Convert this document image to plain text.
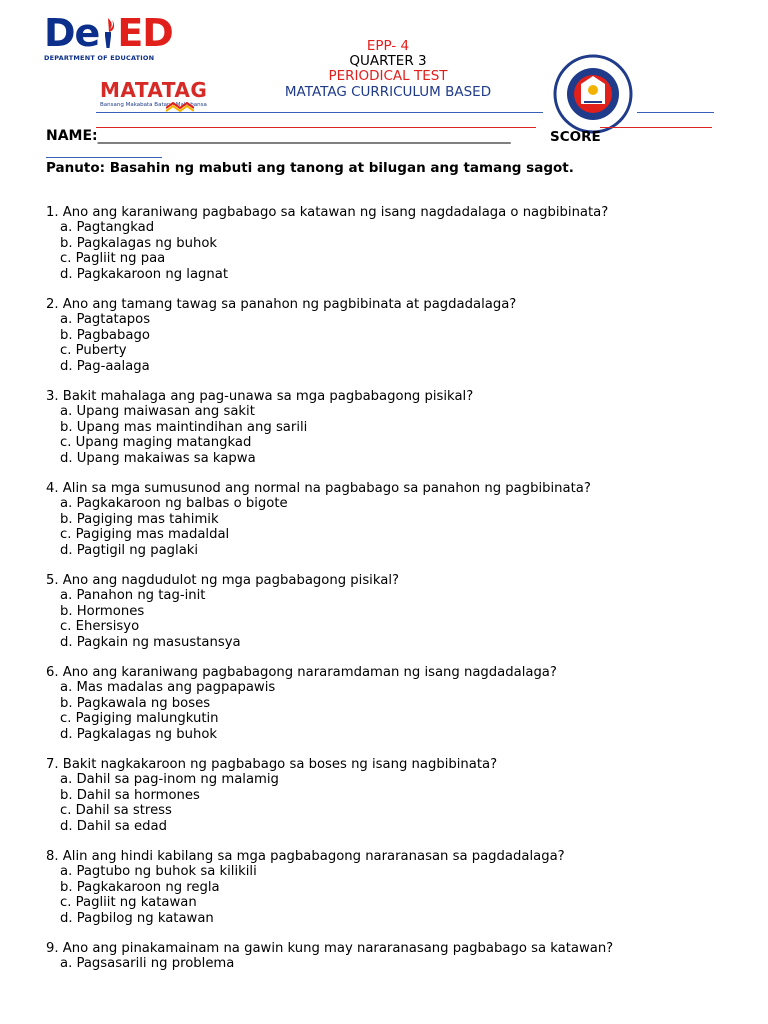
De ED
DEPARTMENT OF EDUCATION
MATATAG
Bansang Makabata Batang Makabansa
EPP- 4
QUARTER 3
PERIODICAL TEST
MATATAG CURRICULUM BASED
NAME:___________________________________________________________	SCORE
Panuto: Basahin ng mabuti ang tanong at bilugan ang tamang sagot.
1. Ano ang karaniwang pagbabago sa katawan ng isang nagdadalaga o nagbibinata?
a. Pagtangkad
b. Pagkalagas ng buhok
c. Pagliit ng paa
d. Pagkakaroon ng lagnat
2. Ano ang tamang tawag sa panahon ng pagbibinata at pagdadalaga?
a. Pagtatapos
b. Pagbabago
c. Puberty
d. Pag-aalaga
3. Bakit mahalaga ang pag-unawa sa mga pagbabagong pisikal?
a. Upang maiwasan ang sakit
b. Upang mas maintindihan ang sarili
c. Upang maging matangkad
d. Upang makaiwas sa kapwa
4. Alin sa mga sumusunod ang normal na pagbabago sa panahon ng pagbibinata?
a. Pagkakaroon ng balbas o bigote
b. Pagiging mas tahimik
c. Pagiging mas madaldal
d. Pagtigil ng paglaki
5. Ano ang nagdudulot ng mga pagbabagong pisikal?
a. Panahon ng tag-init
b. Hormones
c. Ehersisyo
d. Pagkain ng masustansya
6. Ano ang karaniwang pagbabagong nararamdaman ng isang nagdadalaga?
a. Mas madalas ang pagpapawis
b. Pagkawala ng boses
c. Pagiging malungkutin
d. Pagkalagas ng buhok
7. Bakit nagkakaroon ng pagbabago sa boses ng isang nagbibinata?
a. Dahil sa pag-inom ng malamig
b. Dahil sa hormones
c. Dahil sa stress
d. Dahil sa edad
8. Alin ang hindi kabilang sa mga pagbabagong nararanasan sa pagdadalaga?
a. Pagtubo ng buhok sa kilikili
b. Pagkakaroon ng regla
c. Pagliit ng katawan
d. Pagbilog ng katawan
9. Ano ang pinakamainam na gawin kung may nararanasang pagbabago sa katawan?
a. Pagsasarili ng problema
